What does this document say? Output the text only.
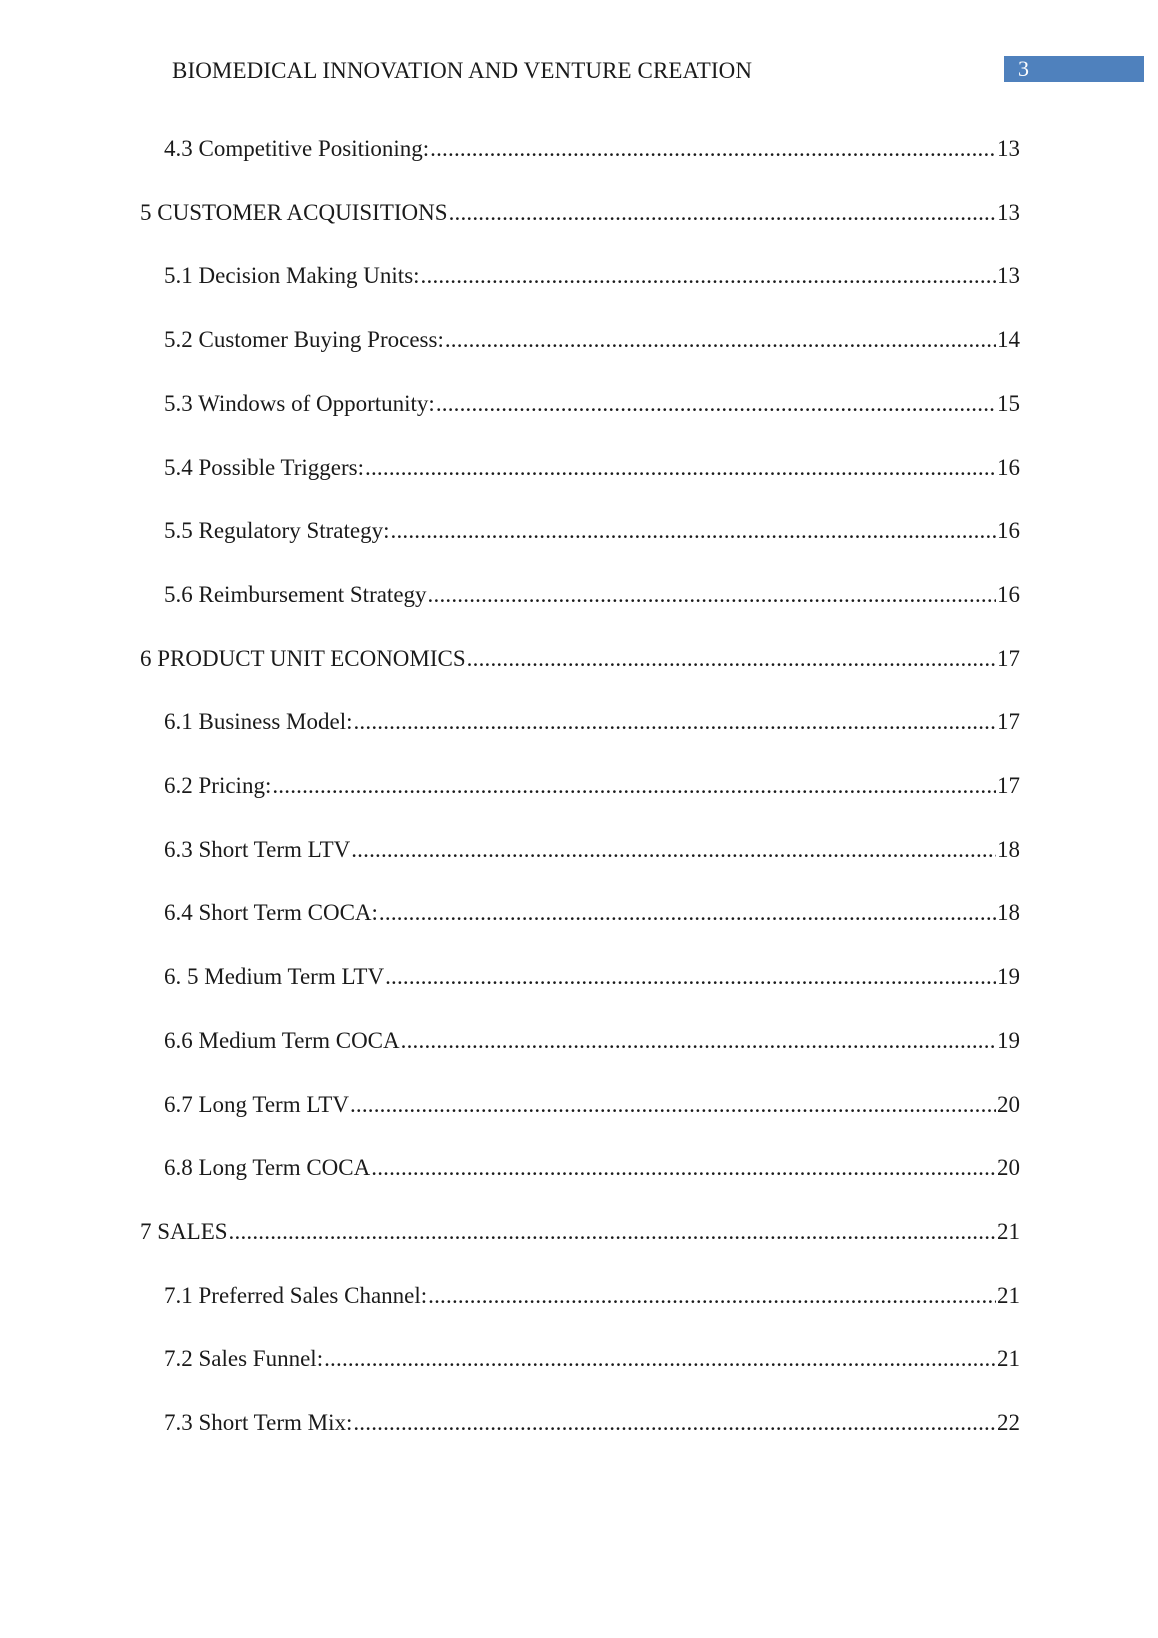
BIOMEDICAL INNOVATION AND VENTURE CREATION	3
4.3 Competitive Positioning: .....	13
5 CUSTOMER ACQUISITIONS .....	13
5.1 Decision Making Units: .....	13
5.2 Customer Buying Process: .....	14
5.3 Windows of Opportunity: .....	15
5.4 Possible Triggers: .....	16
5.5 Regulatory Strategy: .....	16
5.6 Reimbursement Strategy .....	16
6 PRODUCT UNIT ECONOMICS .....	17
6.1 Business Model: .....	17
6.2 Pricing: .....	17
6.3 Short Term LTV .....	18
6.4 Short Term COCA: .....	18
6. 5 Medium Term LTV .....	19
6.6 Medium Term COCA .....	19
6.7 Long Term LTV .....	20
6.8 Long Term COCA .....	20
7 SALES .....	21
7.1 Preferred Sales Channel: .....	21
7.2 Sales Funnel: .....	21
7.3 Short Term Mix: .....	22
